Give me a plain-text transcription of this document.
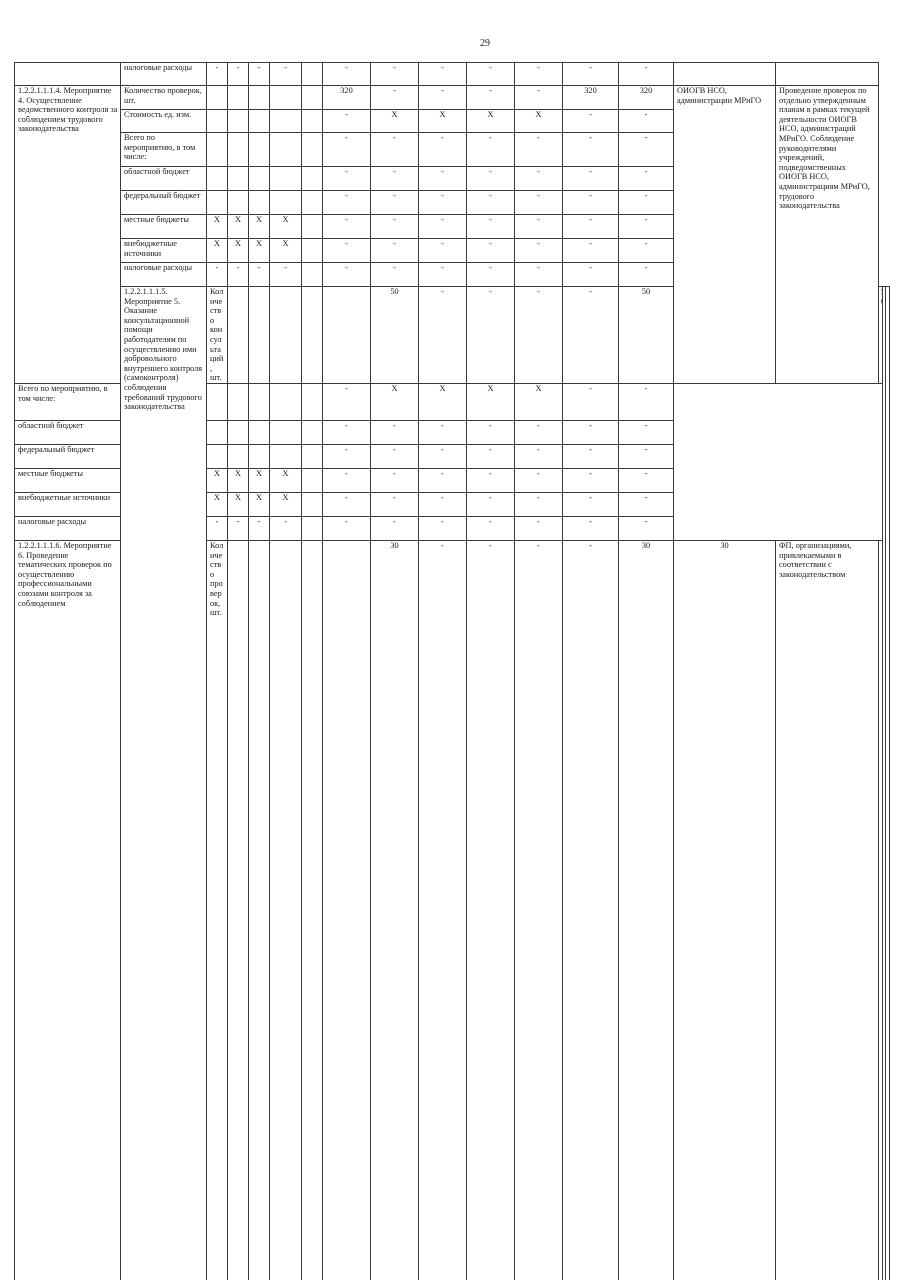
29
	налоговые расходы	-	-	-	-		-	-	-	-	-	-	-					
1.2.2.1.1.1.4. Мероприятие 4. Осуществление ведомственного контроля за соблюдением трудового законодательства	Количество проверок, шт.						320	-	-	-	-	320	320	ОИОГВ НСО, администрации МРиГО	Проведение проверок по отдельно утвержденным планам в рамках текущей деятельности ОИОГВ НСО, администраций МРиГО. Соблюдение руководителями учреждений, подведомственных ОИОГВ НСО, администрациям МРиГО, трудового законодательства			
	Стоимость ед. изм.						-	X	X	X	X	-	-					
	Всего по мероприятию, в том числе:						-	-	-	-	-	-	-					
	областной бюджет						-	-	-	-	-	-	-					
	федеральный бюджет						-	-	-	-	-	-	-					
	местные бюджеты	X	X	X	X		-	-	-	-	-	-	-					
	внебюджетные источники	X	X	X	X		-	-	-	-	-	-	-					
	налоговые расходы	-	-	-	-		-	-	-	-	-	-	-					
	1.2.2.1.1.1.5. Мероприятие 5. Оказание консультационной помощи работодателям по осуществлению ими добровольного внутреннего контроля (самоконтроля) соблюдения требований трудового законодательства	Количество консультаций, шт.						50	-	-	-	-	50			
Всего по мероприятию, в том числе:							-	X	X	X	X	-	-					
областной бюджет							-	-	-	-	-	-	-					
федеральный бюджет							-	-	-	-	-	-	-					
местные бюджеты		X	X	X	X		-	-	-	-	-	-	-					
внебюджетные источники		X	X	X	X		-	-	-	-	-	-	-					
налоговые расходы		-	-	-	-		-	-	-	-	-	-	-					
1.2.2.1.1.1.6. Мероприятие 6. Проведение тематических проверок по осуществлению профессиональными союзами контроля за соблюдением		Количество проверок, шт.						30	-	-	-	-	30	30	ФП, организациями, привлекаемыми в соответствии с законодательством	
